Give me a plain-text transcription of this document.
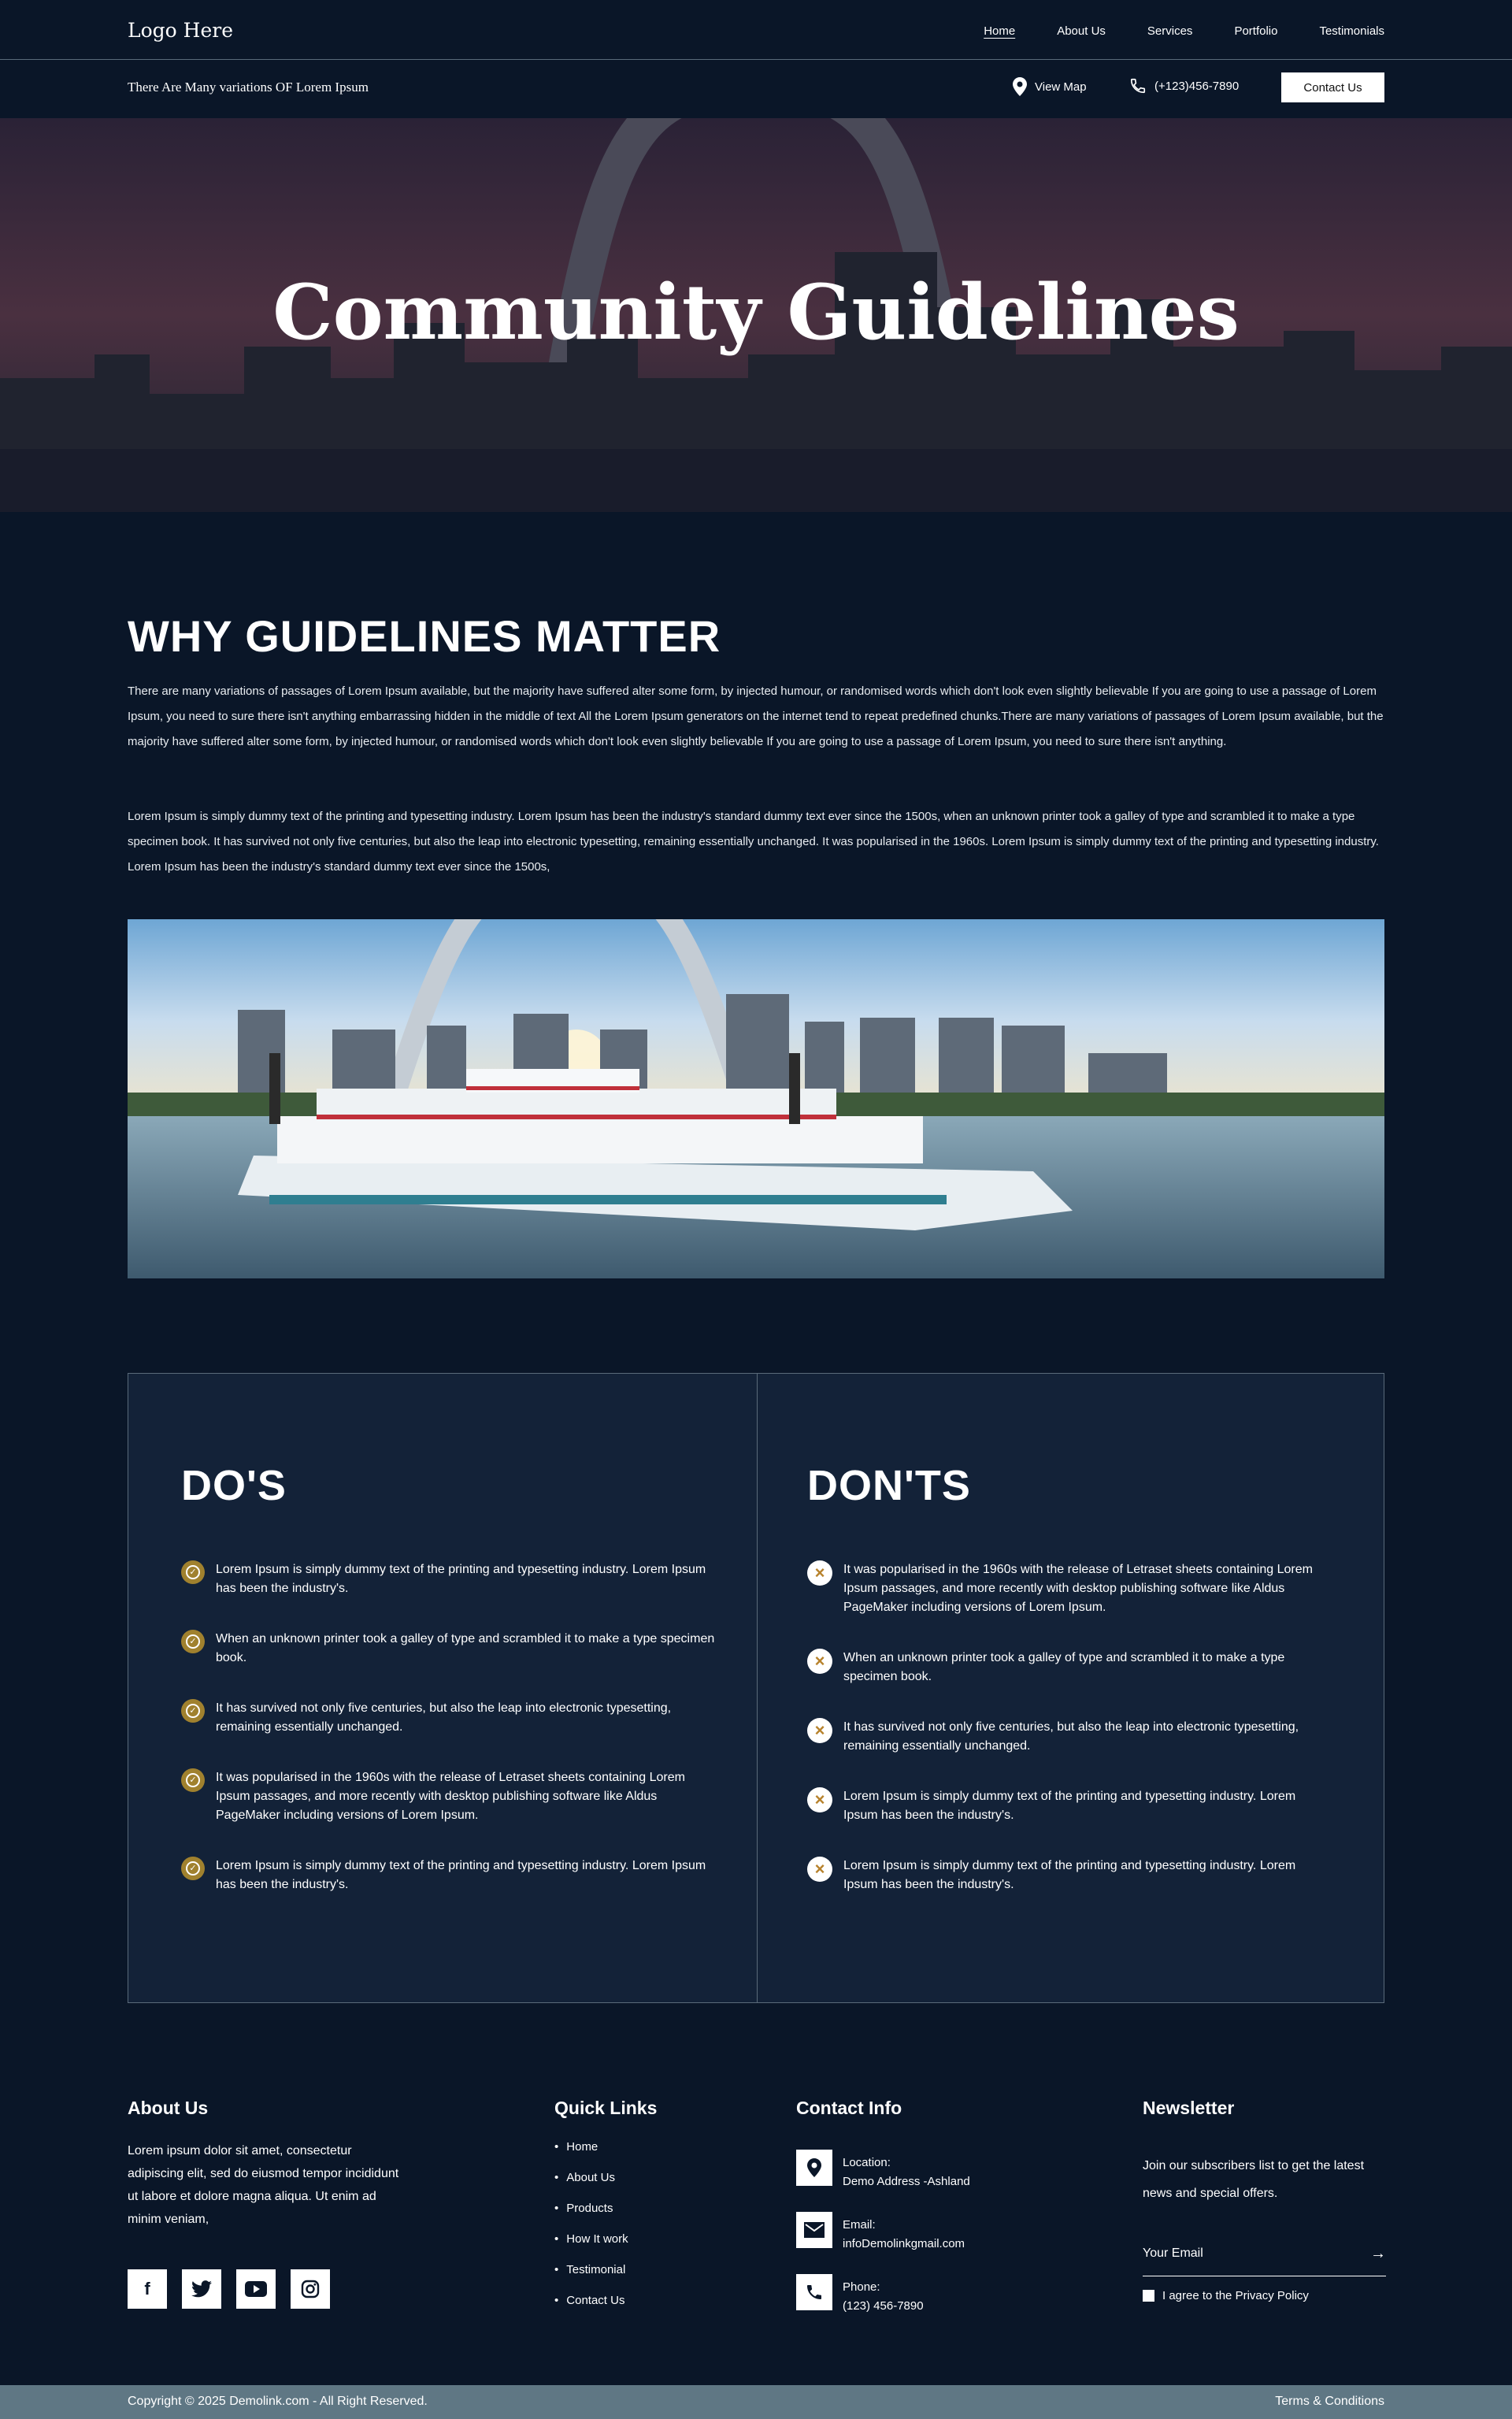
Logo Here	Home	About Us	Services	Portfolio	Testimonials
There Are Many variations OF Lorem Ipsum	View Map	(+123)456-7890	Contact Us
Community Guidelines
WHY GUIDELINES MATTER

There are many variations of passages of Lorem Ipsum available, but the majority have suffered alter some form, by injected humour, or randomised words which don't look even slightly believable If you are going to use a passage of Lorem Ipsum, you need to sure there isn't anything embarrassing hidden in the middle of text All the Lorem Ipsum generators on the internet tend to repeat predefined chunks.There are many variations of passages of Lorem Ipsum available, but the majority have suffered alter some form, by injected humour, or randomised words which don't look even slightly believable If you are going to use a passage of Lorem Ipsum, you need to sure there isn't anything.

Lorem Ipsum is simply dummy text of the printing and typesetting industry. Lorem Ipsum has been the industry's standard dummy text ever since the 1500s, when an unknown printer took a galley of type and scrambled it to make a type specimen book. It has survived not only five centuries, but also the leap into electronic typesetting, remaining essentially unchanged. It was popularised in the 1960s. Lorem Ipsum is simply dummy text of the printing and typesetting industry. Lorem Ipsum has been the industry's standard dummy text ever since the 1500s,

DO'S
✓ Lorem Ipsum is simply dummy text of the printing and typesetting industry. Lorem Ipsum has been the industry's.
✓ When an unknown printer took a galley of type and scrambled it to make a type specimen book.
✓ It has survived not only five centuries, but also the leap into electronic typesetting, remaining essentially unchanged.
✓ It was popularised in the 1960s with the release of Letraset sheets containing Lorem Ipsum passages, and more recently with desktop publishing software like Aldus PageMaker including versions of Lorem Ipsum.
✓ Lorem Ipsum is simply dummy text of the printing and typesetting industry. Lorem Ipsum has been the industry's.
DON'TS
×	It was popularised in the 1960s with the release of Letraset sheets containing Lorem Ipsum passages, and more recently with desktop publishing software like Aldus PageMaker including versions of Lorem Ipsum.
×	When an unknown printer took a galley of type and scrambled it to make a type specimen book.
×	It has survived not only five centuries, but also the leap into electronic typesetting, remaining essentially unchanged.
×	Lorem Ipsum is simply dummy text of the printing and typesetting industry. Lorem Ipsum has been the industry's.
×	Lorem Ipsum is simply dummy text of the printing and typesetting industry. Lorem Ipsum has been the industry's.
About Us

Lorem ipsum dolor sit amet, consectetur adipiscing elit, sed do eiusmod tempor incididunt ut labore et dolore magna aliqua. Ut enim ad minim veniam,

f
Quick Links
• Home
• About Us
• Products
• How It work
• Testimonial
• Contact Us
Contact Info
Location:
Demo Address -Ashland
Email:
infoDemolinkgmail.com
Phone:
(123) 456-7890
Newsletter

Join our subscribers list to get the latest news and special offers.

Your Email	→
I agree to the Privacy Policy
Copyright © 2025 Demolink.com - All Right Reserved.	Terms & Conditions
